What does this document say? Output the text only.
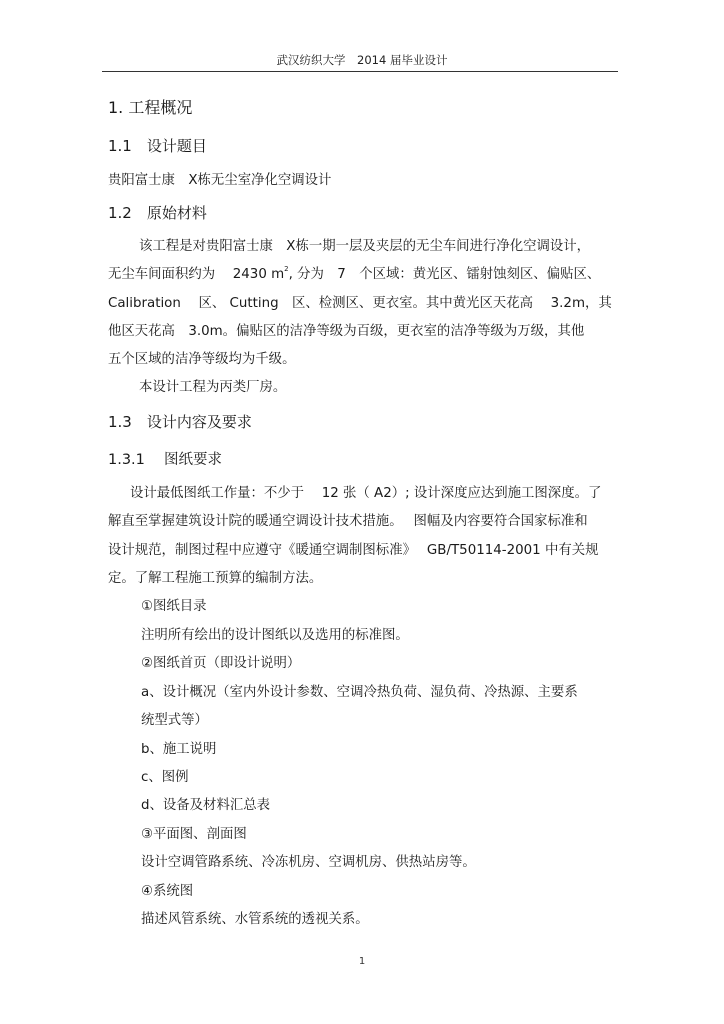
武汉纺织大学　2014 届毕业设计
1. 工程概况
1.1　设计题目
贵阳富士康　X栋无尘室净化空调设计
1.2　原始材料
该工程是对贵阳富士康　X栋一期一层及夹层的无尘车间进行净化空调设计，
无尘车间面积约为　 2430 $m^2$, 分为　7　个区域：黄光区、镭射蚀刻区、偏贴区、
Calibration　 区、 Cutting　区、检测区、更衣室。其中黄光区天花高　 3.2m，其
他区天花高　3.0m。偏贴区的洁净等级为百级，更衣室的洁净等级为万级，其他
五个区域的洁净等级均为千级。
本设计工程为丙类厂房。
1.3　设计内容及要求
1.3.1　 图纸要求
设计最低图纸工作量：不少于　 12 张（ A2）; 设计深度应达到施工图深度。了
解直至掌握建筑设计院的暖通空调设计技术措施。　 图幅及内容要符合国家标准和
设计规范，制图过程中应遵守《暖通空调制图标准》　 GB/T50114-2001 中有关规
定。了解工程施工预算的编制方法。
①图纸目录
注明所有绘出的设计图纸以及选用的标准图。
②图纸首页（即设计说明）
a、设计概况（室内外设计参数、空调冷热负荷、湿负荷、冷热源、主要系
统型式等）
b、施工说明
c、图例
d、设备及材料汇总表
③平面图、剖面图
设计空调管路系统、冷冻机房、空调机房、供热站房等。
④系统图
描述风管系统、水管系统的透视关系。
1
